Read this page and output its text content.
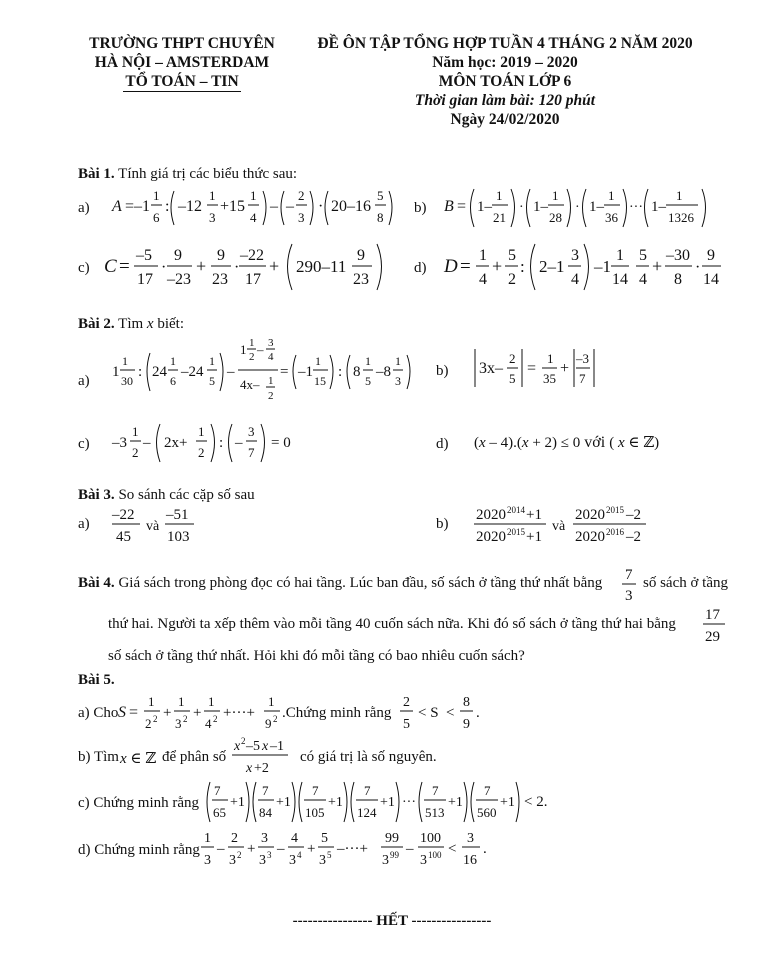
TRƯỜNG THPT CHUYÊN
HÀ NỘI – AMSTERDAM
TỔ TOÁN – TIN
ĐỀ ÔN TẬP TỔNG HỢP TUẦN 4 THÁNG 2 NĂM 2020
Năm học: 2019 – 2020
MÔN TOÁN LỚP 6
Thời gian làm bài: 120 phút
Ngày 24/02/2020
Bài 1. Tính giá trị các biểu thức sau:
a) A =–1
1
6
: –12
1
3
+15
1
4
– –
2
3
· 20–16
5
8
b) B = 1–
1
21
· 1–
1
28
· 1–
1
36
··· 1–
1
1326
c) C =
–5
17
·
9
–23
+
9
23
·
–22
17
+ 290–11
9
23
d) D =
1
4
+
5
2
: 2–1
3
4
–1
1
14
5
4
+
–30
8
·
9
14
Bài 2. Tìm x biết:
a)
1
1
30
: 24
1
6
–24
1
5
–
1 1
2 – 3
4
4x– 1
2
= –1
1
15
: 8
1
5
–8
1
3
b) 3x–
2
5
=
1
35
+
–3
7
c) –3
1
2
– 2x+
1
2
: –
3
7
= 0	d) (x – 4).(x + 2) ≤ 0 với ( x ∈ ℤ)
Bài 3. So sánh các cặp số sau
a)
–22
45
và
–51
103
b)
2020 2014 +1
2020 2015 +1
và
2020 2015 –2
2020 2016 –2
Bài 4. Giá sách trong phòng đọc có hai tầng. Lúc ban đầu, số sách ở tầng thứ nhất bằng 7
3
số sách ở tầng
thứ hai. Người ta xếp thêm vào mỗi tầng 40 cuốn sách nữa. Khi đó số sách ở tầng thứ hai bằng
17
29
số sách ở tầng thứ nhất. Hỏi khi đó mỗi tầng có bao nhiêu cuốn sách?
Bài 5.
a) Cho S =
1
2 2 +
1
3 2 +
1
4 2 +···+
1
9 2 .Chứng minh rằng
2
5
< S <
8
9
.
b) Tìm x ∈ ℤ để phân số
x 2 –5 x –1
x +2
có giá trị là số nguyên.
c) Chứng minh rằng
7
65
+1
7
84
+1
7
105
+1
7
124
+1 ···
7
513
+1
7
560
+1 < 2.
d) Chứng minh rằng
1
3
–
2
3 2 +
3
3 3 –
4
3 4 +
5
3 5 –···+
99
3 99 –
100
3 100 <
3
16
.
---------------- HẾT ----------------
